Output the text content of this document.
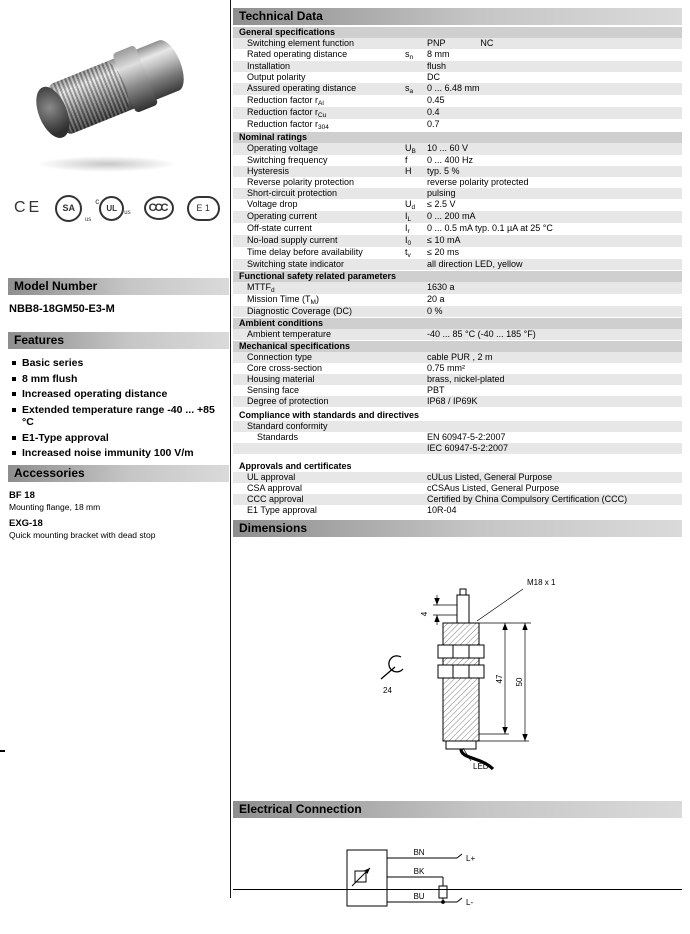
CE	SA
us
c
UL	us	CCC	E 1
Model Number
NBB8-18GM50-E3-M
Features
Basic series
8 mm flush
Increased operating distance
Extended temperature range -40 ... +85 °C
E1-Type approval
Increased noise immunity 100 V/m
Accessories
BF 18
Mounting flange, 18 mm
EXG-18
Quick mounting bracket with dead stop
Technical Data
General specifications
Switching element function	PNP              NC
Rated operating distance	$s_n$	8 mm
Installation	flush
Output polarity	DC
Assured operating distance	$s_a$	0 ... 6.48 mm
Reduction factor $r_{Al}$	0.45
Reduction factor $r_{Cu}$	0.4
Reduction factor $r_{304}$	0.7
Nominal ratings
Operating voltage	$U_B$	10 ... 60 V
Switching frequency	f	0 ... 400 Hz
Hysteresis	H	typ. 5 %
Reverse polarity protection	reverse polarity protected
Short-circuit protection	pulsing
Voltage drop	$U_d$	≤ 2.5 V
Operating current	$I_L$	0 ... 200 mA
Off-state current	$I_r$	0 ... 0.5 mA typ. 0.1 µA at 25 °C
No-load supply current	$I_0$	≤ 10 mA
Time delay before availability	$t_v$	≤ 20 ms
Switching state indicator	all direction LED, yellow
Functional safety related parameters
$MTTF_d$	1630 a
Mission Time $(T_M)$	20 a
Diagnostic Coverage (DC)	0 %
Ambient conditions
Ambient temperature	-40 ... 85 °C (-40 ... 185 °F)
Mechanical specifications
Connection type	cable PUR , 2 m
Core cross-section	0.75 mm²
Housing material	brass, nickel-plated
Sensing face	PBT
Degree of protection	IP68 / IP69K
Compliance with standards and directives
Standard conformity
Standards	EN 60947-5-2:2007
IEC 60947-5-2:2007
Approvals and certificates
UL approval	cULus Listed, General Purpose
CSA approval	cCSAus Listed, General Purpose
CCC approval	Certified by China Compulsory Certification (CCC)
E1 Type approval	10R-04
Dimensions
M18 x 1
4
24
47 50
LED
Electrical Connection
BN
BK
BU
L+
L-
